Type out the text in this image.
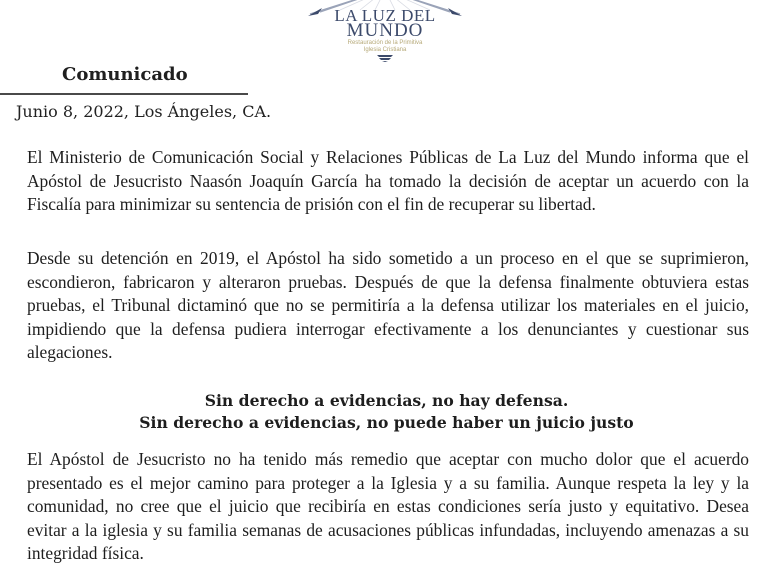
LA LUZ DEL
MUNDO
Restauración de la Primitiva
Iglesia Cristiana
Comunicado
Junio 8, 2022, Los Ángeles, CA.
El Ministerio de Comunicación Social y Relaciones Públicas de La Luz del Mundo informa que el Apóstol de Jesucristo Naasón Joaquín García ha tomado la decisión de aceptar un acuerdo con la Fiscalía para minimizar su sentencia de prisión con el fin de recuperar su libertad.
Desde su detención en 2019, el Apóstol ha sido sometido a un proceso en el que se suprimieron, escondieron, fabricaron y alteraron pruebas. Después de que la defensa finalmente obtuviera estas pruebas, el Tribunal dictaminó que no se permitiría a la defensa utilizar los materiales en el juicio, impidiendo que la defensa pudiera interrogar efectivamente a los denunciantes y cuestionar sus alegaciones.
Sin derecho a evidencias, no hay defensa.
Sin derecho a evidencias, no puede haber un juicio justo
El Apóstol de Jesucristo no ha tenido más remedio que aceptar con mucho dolor que el acuerdo presentado es el mejor camino para proteger a la Iglesia y a su familia. Aunque respeta la ley y la comunidad, no cree que el juicio que recibiría en estas condiciones sería justo y equitativo. Desea evitar a la iglesia y su familia semanas de acusaciones públicas infundadas, incluyendo amenazas a su integridad física.
